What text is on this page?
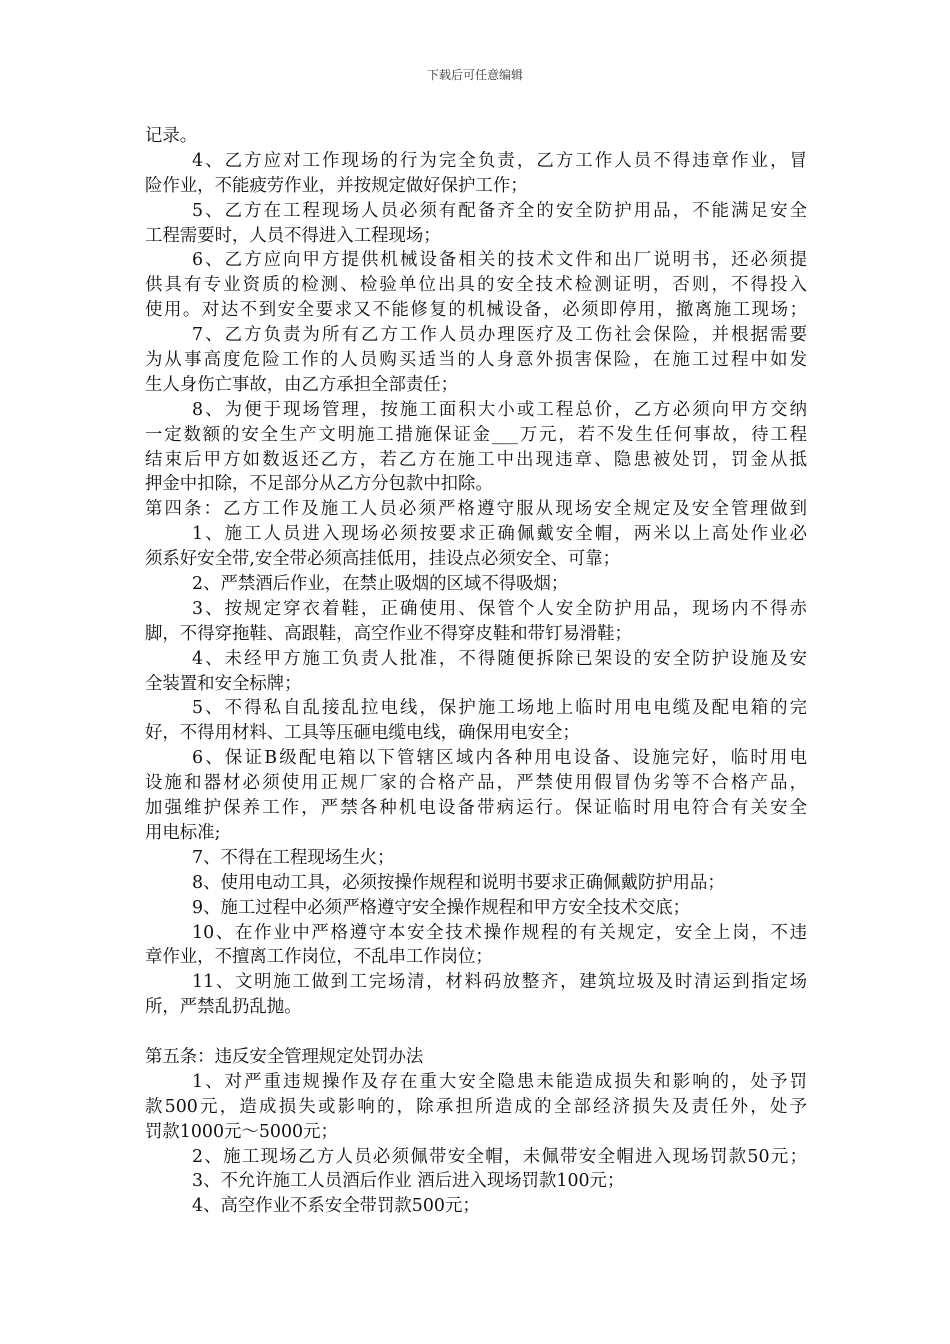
下载后可任意编辑
记录。
4、乙方应对工作现场的行为完全负责，乙方工作人员不得违章作业，冒
险作业，不能疲劳作业，并按规定做好保护工作；
5、乙方在工程现场人员必须有配备齐全的安全防护用品，不能满足安全
工程需要时，人员不得进入工程现场；
6、乙方应向甲方提供机械设备相关的技术文件和出厂说明书，还必须提
供具有专业资质的检测、检验单位出具的安全技术检测证明，否则，不得投入
使用。对达不到安全要求又不能修复的机械设备，必须即停用，撤离施工现场；
7、乙方负责为所有乙方工作人员办理医疗及工伤社会保险，并根据需要
为从事高度危险工作的人员购买适当的人身意外损害保险，在施工过程中如发
生人身伤亡事故，由乙方承担全部责任；
8、为便于现场管理，按施工面积大小或工程总价，乙方必须向甲方交纳
一定数额的安全生产文明施工措施保证金___万元，若不发生任何事故，待工程
结束后甲方如数返还乙方，若乙方在施工中出现违章、隐患被处罚，罚金从抵
押金中扣除，不足部分从乙方分包款中扣除。
第四条：乙方工作及施工人员必须严格遵守服从现场安全规定及安全管理做到
1、施工人员进入现场必须按要求正确佩戴安全帽，两米以上高处作业必
须系好安全带,安全带必须高挂低用，挂设点必须安全、可靠；
2、严禁酒后作业，在禁止吸烟的区域不得吸烟；
3、按规定穿衣着鞋，正确使用、保管个人安全防护用品，现场内不得赤
脚，不得穿拖鞋、高跟鞋，高空作业不得穿皮鞋和带钉易滑鞋；
4、未经甲方施工负责人批准，不得随便拆除已架设的安全防护设施及安
全装置和安全标牌；
5、不得私自乱接乱拉电线，保护施工场地上临时用电电缆及配电箱的完
好，不得用材料、工具等压砸电缆电线，确保用电安全；
6、保证B级配电箱以下管辖区域内各种用电设备、设施完好，临时用电
设施和器材必须使用正规厂家的合格产品，严禁使用假冒伪劣等不合格产品，
加强维护保养工作，严禁各种机电设备带病运行。保证临时用电符合有关安全
用电标准;
7、不得在工程现场生火；
8、使用电动工具，必须按操作规程和说明书要求正确佩戴防护用品；
9、施工过程中必须严格遵守安全操作规程和甲方安全技术交底；
10、在作业中严格遵守本安全技术操作规程的有关规定，安全上岗，不违
章作业，不擅离工作岗位，不乱串工作岗位；
11、文明施工做到工完场清，材料码放整齐，建筑垃圾及时清运到指定场
所，严禁乱扔乱抛。
第五条：违反安全管理规定处罚办法
1、对严重违规操作及存在重大安全隐患未能造成损失和影响的，处予罚
款500元，造成损失或影响的，除承担所造成的全部经济损失及责任外，处予
罚款1000元～5000元；
2、施工现场乙方人员必须佩带安全帽，未佩带安全帽进入现场罚款50元；
3、不允许施工人员酒后作业 酒后进入现场罚款100元；
4、高空作业不系安全带罚款500元；
